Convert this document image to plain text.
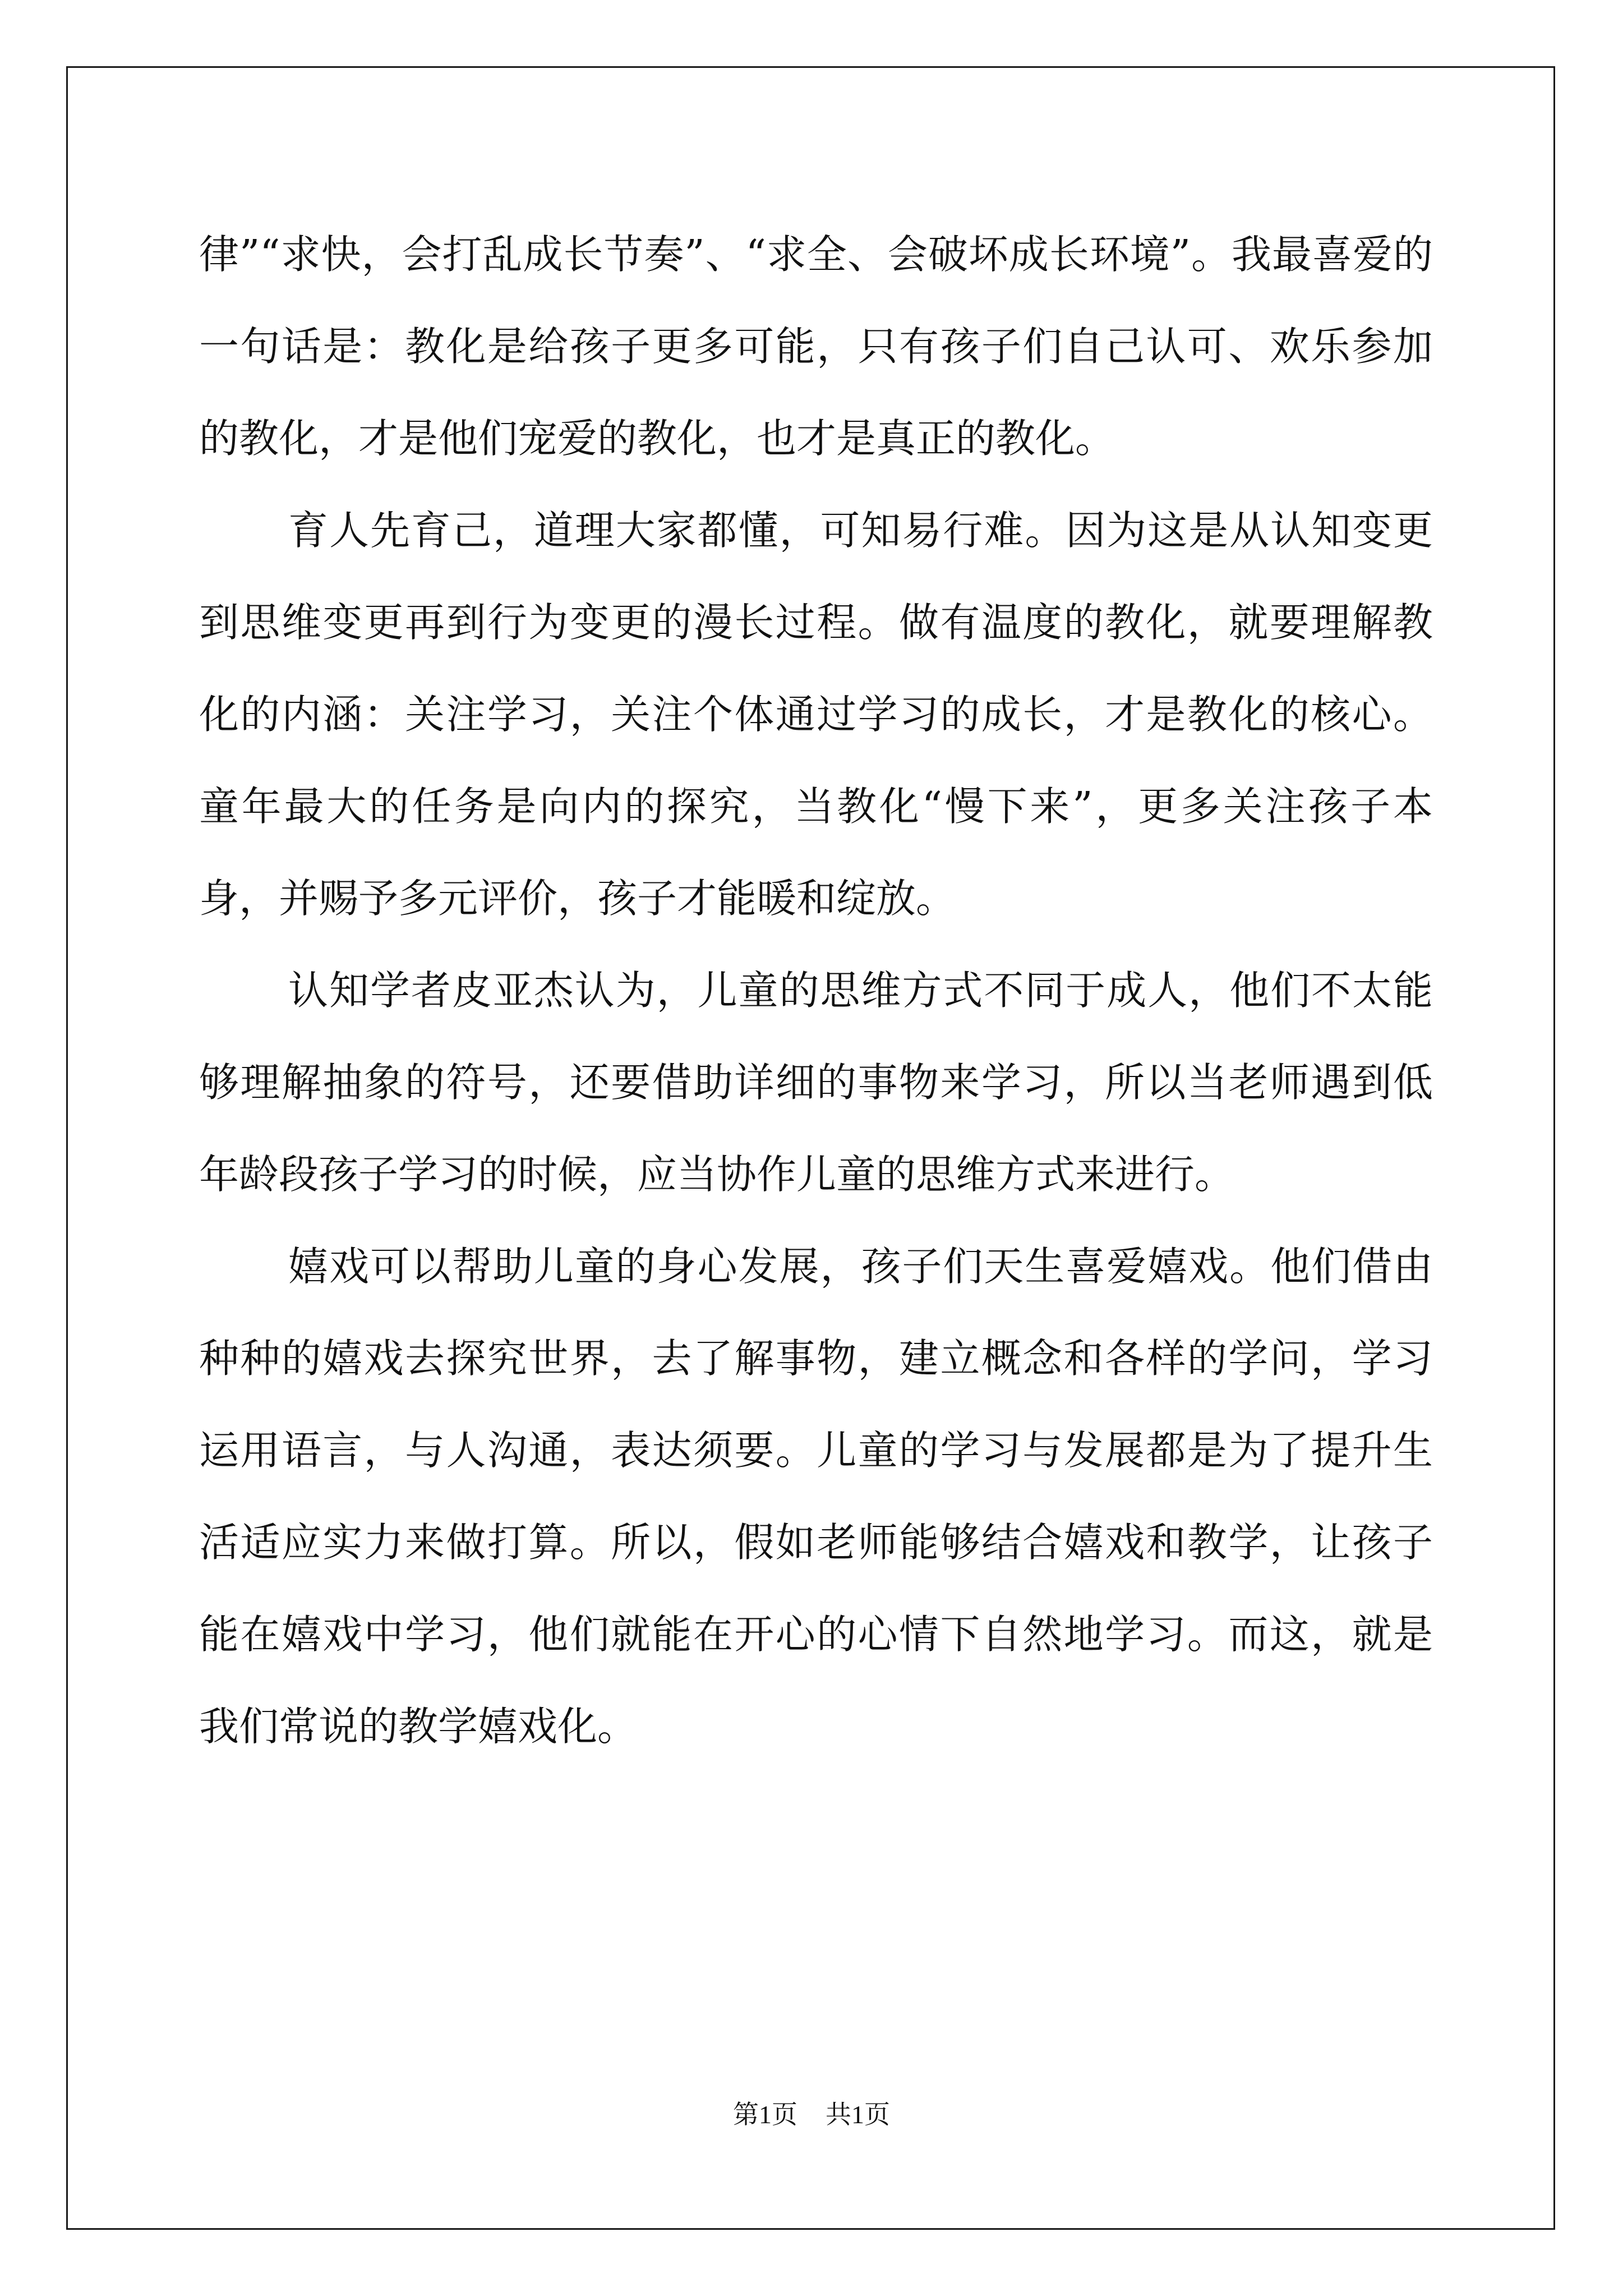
律”“求快，会打乱成长节奏”、“求全、会破坏成长环境”。我最喜爱的一句话是：教化是给孩子更多可能，只有孩子们自己认可、欢乐参加的教化，才是他们宠爱的教化，也才是真正的教化。

育人先育己，道理大家都懂，可知易行难。因为这是从认知变更到思维变更再到行为变更的漫长过程。做有温度的教化，就要理解教化的内涵：关注学习，关注个体通过学习的成长，才是教化的核心。童年最大的任务是向内的探究，当教化“慢下来”，更多关注孩子本身，并赐予多元评价，孩子才能暖和绽放。

认知学者皮亚杰认为，儿童的思维方式不同于成人，他们不太能够理解抽象的符号，还要借助详细的事物来学习，所以当老师遇到低年龄段孩子学习的时候，应当协作儿童的思维方式来进行。

嬉戏可以帮助儿童的身心发展，孩子们天生喜爱嬉戏。他们借由种种的嬉戏去探究世界，去了解事物，建立概念和各样的学问，学习运用语言，与人沟通，表达须要。儿童的学习与发展都是为了提升生活适应实力来做打算。所以，假如老师能够结合嬉戏和教学，让孩子能在嬉戏中学习，他们就能在开心的心情下自然地学习。而这，就是我们常说的教学嬉戏化。

第1页 共1页
